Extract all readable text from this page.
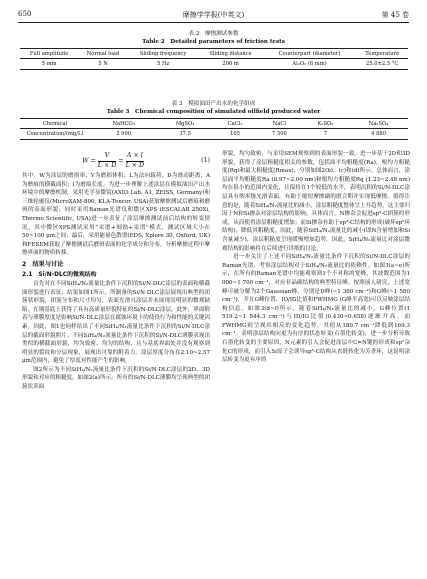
650	摩擦学学报(中英文)	第 45 卷
表 2　摩擦测试参数
Table 2　Detailed parameters of friction tests
Full amplitude	Normal load	Sliding frequency	Sliding distance	Counterpart (diameter)	Temperature
5 mm	5 N	5 Hz	200 m	Al₂O₃ (8 mm)	25.0±2.5 °C
表 3　模拟油田产出水的化学组成
Table 3　Chemical composition of simulated oilfield produced water
Chemical	NaHCO₃	MgSO₄	CaCl₂	NaCl	K₂SO₄	Na₂SO₄
Concentration/(mg/L)	2 900	37.5	105	7 500	7	4 880
$W = \frac{V}{L \times D} = \frac{A \times l}{L \times D}$	(1)

其中：W为涂层的磨损率；V为磨损体积；L为法向载荷；D为滑动距离；A为磨痕的横截面积；l为磨痕长度。为进一步理解上述涂层在模拟油田产出水环境中的摩擦机制，采用光学显微镜(AXIO Lab. A1, ZEISS, Germany)和三维轮廓仪(MicroXAM-800, KLA-Tencor, USA)获取摩擦测试后磨痕和磨斑的表面形貌；同时采用Raman光谱仪和微区XPS (ESCALAB 250Xi, Thermo Scientific, USA)进一步表征了涂层摩擦测试前后结构的转变情况，其中微区XPS测试采用“采谱+刻蚀+采谱”模式，测试区域大小在50~100 μm之间；最后，采用能量色散谱(EDS, Xplore 30, Oxford, UK)和FESEM获取了摩擦测试后磨斑表面的化学成分和分布，分析摩擦过程中摩擦界面的物质转移。

2　结果与讨论
2.1　Si/N-DLC的微观结构

首先对在不同SiH₄/N₂流量比条件下沉积的Si/N-DLC涂层的表面和横截面形貌进行表征，结果如图1所示。所制备的Si/N-DLC涂层展现出典型的团簇状形貌，团簇分布和尺寸均匀，表面光滑且涂层并未展现出明显的微观缺陷。在钢基底上获得了具有高质量形貌特征的Si/N-DLC涂层，此外，界面附着与薄膜厚度是影响Si/N-DLC涂层在腐蚀环境下的使役行为和性能的关键因素。因此，图1也同样给出了不同SiH₄/N₂流量比条件下沉积的Si/N-DLC涂层的截面形貌照片。不同SiH₄/N₂流量比条件下沉积的Si/N-DLC薄膜表现出类似的横截面形貌，均为致密、均匀的结构，且与基底界面处并没有观察到明显的裂纹和分层现象，展现出可靠的附着力。涂层厚度分布在2.10~2.57 μm范围内，避免了厚度对性能产生的影响。

图2所示为不同SiH₄/N₂流量比条件下沉积的Si/N-DLC涂层的2D、3D形貌和对应的粗糙度。如图2(a)所示，所有的Si/N-DLC薄膜均呈现典型的团簇状表面

形貌，均匀致密，与采用SEM观察到的表面形貌一致。进一步基于2D和3D形貌，获得了涂层粗糙度相关的参数，包括面平均粗糙度(Ra)，根均方粗糙度(Rq)和最大粗糙度(Rmax)，分别如图2(b)、(c)和(d)所示。总体而言，涂层面平均粗糙度Ra (0.97~2.00 nm)和根均方粗糙度Rq (1.23~2.48 nm)均在很小的范围内变化，且保持在1个较低的水平，表明沉积的Si/N-DLC涂层具有纳米级光滑表面，有助于缩短摩擦副的磨合期并实现低摩擦。值得注意的是，随着SiH₄/N₂流量比的减小，涂层粗糙度整体呈上升趋势，这主要归因于N和Si掺杂对涂层结构的影响。具体而言，N掺杂会促进sp²-C团簇的形成，从而使得涂层粗糙度增加；而Si掺杂有助于sp³-C结构的形成(破坏sp²环结构)，降低其粗糙度。因此，随着SiH₄/N₂流量比的减小(即N含量增加和Si含量减少)，涂层粗糙度呈现缓慢增加趋势。因此，SiH₄/N₂流量比对涂层微观结构的影响将在后续进行详细的讨论。

进一步关注了上述不同SiH₄/N₂流量比条件下沉积的Si/N-DLC涂层的Raman光谱，考察涂层结构对于SiH₄/N₂流量比的依赖性。如图3(a~e)所示，在所有的Raman光谱中均能观察到1个不对称的宽峰，其波数范围为1 000~1 700 cm⁻¹，对应非晶碳结构的典型特征峰。按照前人研究，上述宽峰可被分解为2个Gaussian峰，分别是D峰(~1 360 cm⁻¹)和G峰(~1 580 cm⁻¹)，并且G峰位置、ID/IG比值和FWHMG (G峰半高宽)可以反映涂层结构信息。如图3(d~f)所示，随着SiH₄/N₂流量比的减小，G峰位置(1 519.2~1 544.3 cm⁻¹)与ID/IG比值(0.430~0.658)逐渐升高，而FWHMG则呈现出相反的变化趋势，其值从180.7 cm⁻¹降低到169.3 cm⁻¹。表明涂层结构向更为有序的状态转变(石墨化转变)，进一步分析导致石墨化转变的主要原因，N元素的引入会促进涂层中C=N键的形成和sp²杂化C的形成，而引入Si原子会诱导sp³-C结构从直链转化为芳香环，这说明涂层转变为更有序的
